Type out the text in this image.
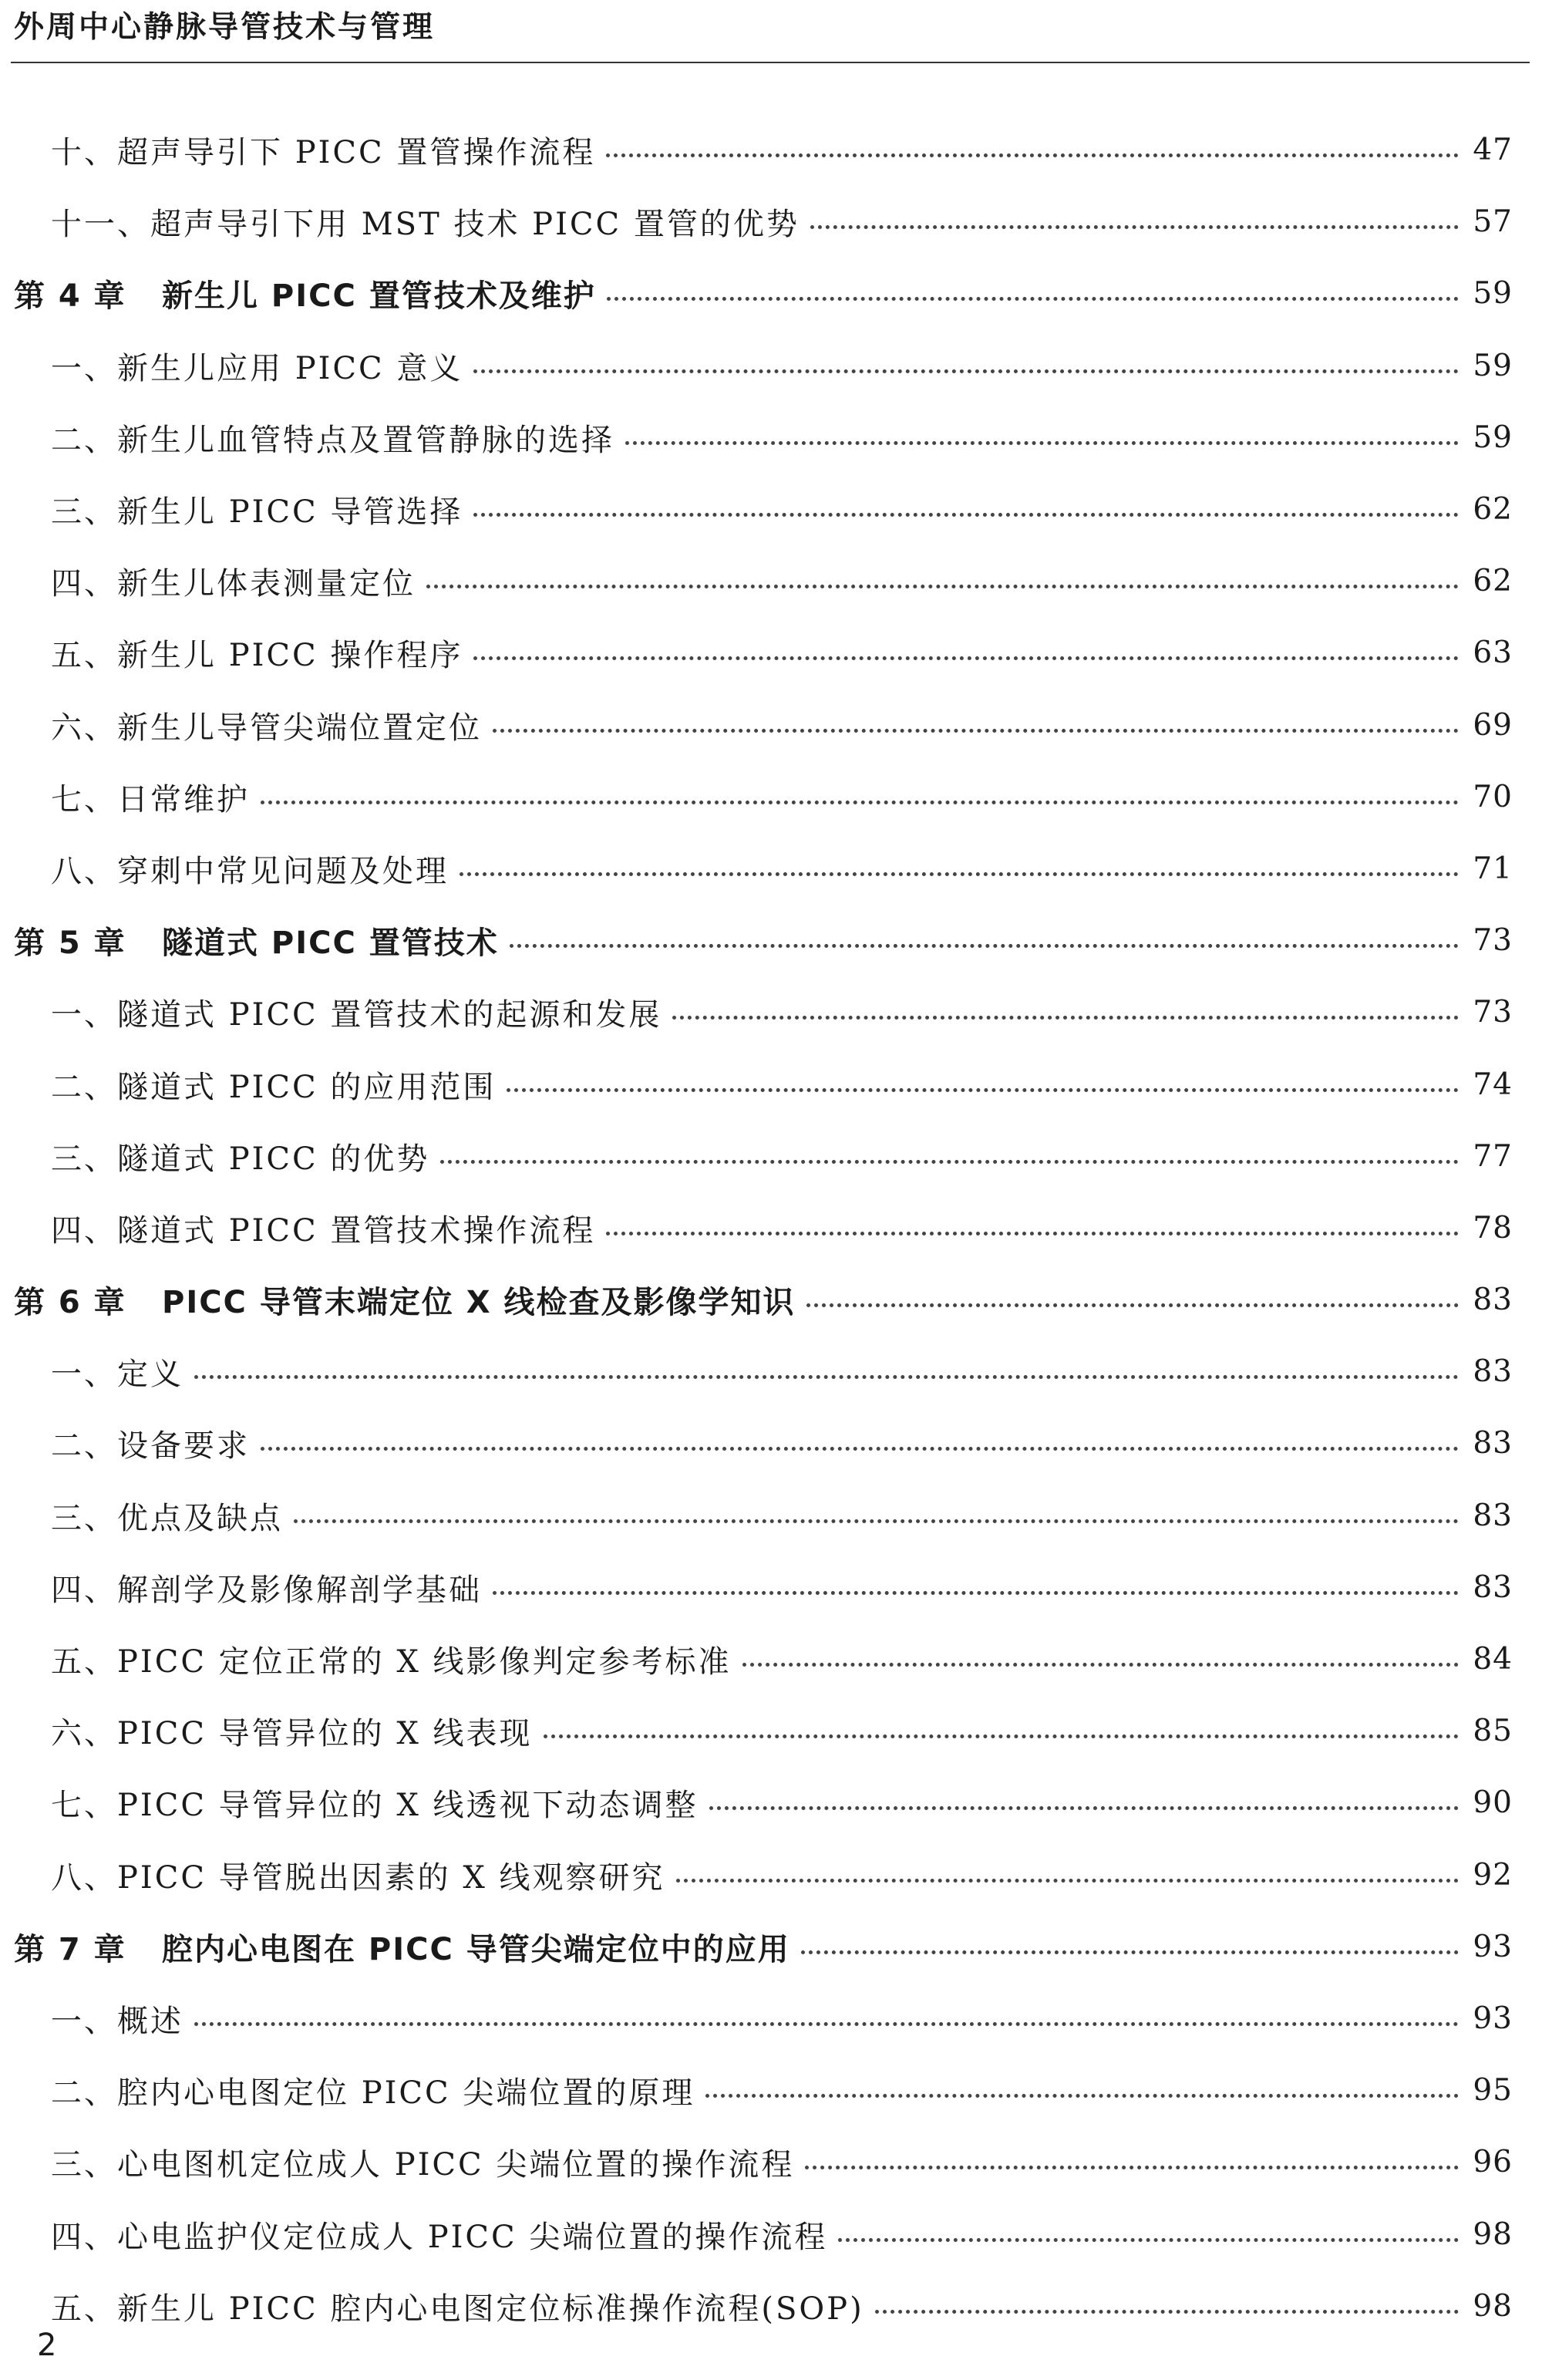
外周中心静脉导管技术与管理
十、超声导引下 PICC 置管操作流程	47
十一、超声导引下用 MST 技术 PICC 置管的优势	57
第 4 章 新生儿 PICC 置管技术及维护	59
一、新生儿应用 PICC 意义	59
二、新生儿血管特点及置管静脉的选择	59
三、新生儿 PICC 导管选择	62
四、新生儿体表测量定位	62
五、新生儿 PICC 操作程序	63
六、新生儿导管尖端位置定位	69
七、日常维护	70
八、穿刺中常见问题及处理	71
第 5 章 隧道式 PICC 置管技术	73
一、隧道式 PICC 置管技术的起源和发展	73
二、隧道式 PICC 的应用范围	74
三、隧道式 PICC 的优势	77
四、隧道式 PICC 置管技术操作流程	78
第 6 章 PICC 导管末端定位 X 线检查及影像学知识	83
一、定义	83
二、设备要求	83
三、优点及缺点	83
四、解剖学及影像解剖学基础	83
五、PICC 定位正常的 X 线影像判定参考标准	84
六、PICC 导管异位的 X 线表现	85
七、PICC 导管异位的 X 线透视下动态调整	90
八、PICC 导管脱出因素的 X 线观察研究	92
第 7 章 腔内心电图在 PICC 导管尖端定位中的应用	93
一、概述	93
二、腔内心电图定位 PICC 尖端位置的原理	95
三、心电图机定位成人 PICC 尖端位置的操作流程	96
四、心电监护仪定位成人 PICC 尖端位置的操作流程	98
五、新生儿 PICC 腔内心电图定位标准操作流程(SOP)	98

2
